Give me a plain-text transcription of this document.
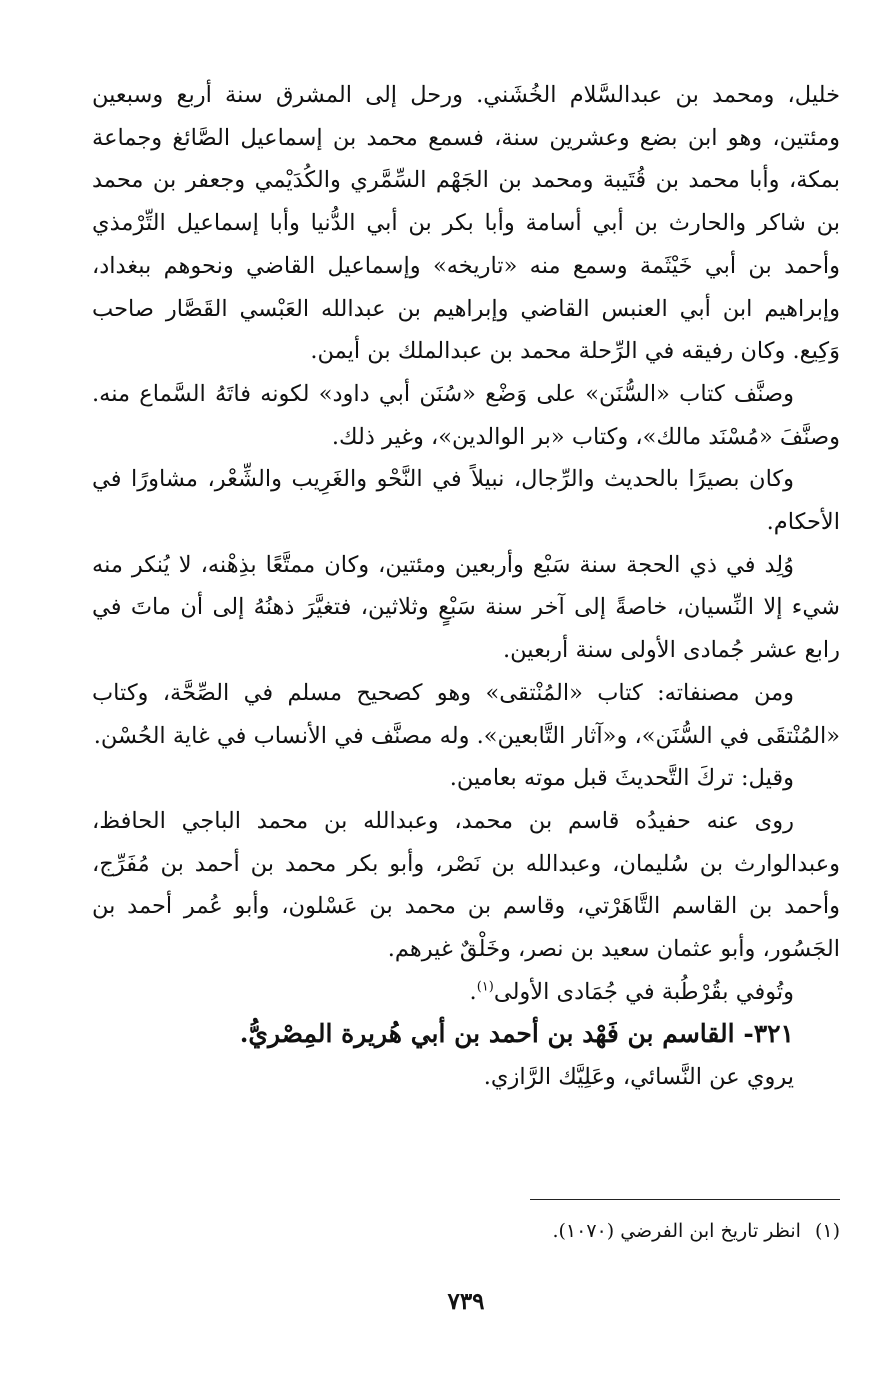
خليل، ومحمد بن عبدالسَّلام الخُشَني. ورحل إلى المشرق سنة أربع وسبعين ومئتين، وهو ابن بضع وعشرين سنة، فسمع محمد بن إسماعيل الصَّائغ وجماعة بمكة، وأبا محمد بن قُتَيبة ومحمد بن الجَهْم السِّمَّري والكُدَيْمي وجعفر بن محمد بن شاكر والحارث بن أبي أسامة وأبا بكر بن أبي الدُّنيا وأبا إسماعيل التِّرْمذي وأحمد بن أبي خَيْثَمة وسمع منه «تاريخه» وإسماعيل القاضي ونحوهم ببغداد، وإبراهيم ابن أبي العنبس القاضي وإبراهيم بن عبدالله العَبْسي القَصَّار صاحب وَكِيع. وكان رفيقه في الرِّحلة محمد بن عبدالملك بن أيمن.

وصنَّف كتاب «السُّنَن» على وَضْع «سُنَن أبي داود» لكونه فاتَهُ السَّماع منه. وصنَّفَ «مُسْنَد مالك»، وكتاب «بر الوالدين»، وغير ذلك.

وكان بصيرًا بالحديث والرِّجال، نبيلاً في النَّحْو والغَرِيب والشِّعْر، مشاورًا في الأحكام.

وُلِد في ذي الحجة سنة سَبْع وأربعين ومئتين، وكان ممتَّعًا بذِهْنه، لا يُنكر منه شيء إلا النِّسيان، خاصةً إلى آخر سنة سَبْعٍ وثلاثين، فتغيَّرَ ذهنُهُ إلى أن ماتَ في رابع عشر جُمادى الأولى سنة أربعين.

ومن مصنفاته: كتاب «المُنْتقى» وهو كصحيح مسلم في الصِّحَّة، وكتاب «المُنْتقَى في السُّنَن»، و«آثار التَّابعين». وله مصنَّف في الأنساب في غاية الحُسْن.

وقيل: تركَ التَّحديثَ قبل موته بعامين.

روى عنه حفيدُه قاسم بن محمد، وعبدالله بن محمد الباجي الحافظ، وعبدالوارث بن سُليمان، وعبدالله بن نَصْر، وأبو بكر محمد بن أحمد بن مُفَرِّج، وأحمد بن القاسم التَّاهَرْتي، وقاسم بن محمد بن عَسْلون، وأبو عُمر أحمد بن الجَسُور، وأبو عثمان سعيد بن نصر، وخَلْقٌ غيرهم.

وتُوفي بقُرْطُبة في جُمَادى الأولى$^{(١)}$.

٣٢١- القاسم بن فَهْد بن أحمد بن أبي هُريرة المِصْريُّ.

يروي عن النَّسائي، وعَلِيَّك الرَّازي.

(١)انظر تاريخ ابن الفرضي (١٠٧٠).

٧٣٩
